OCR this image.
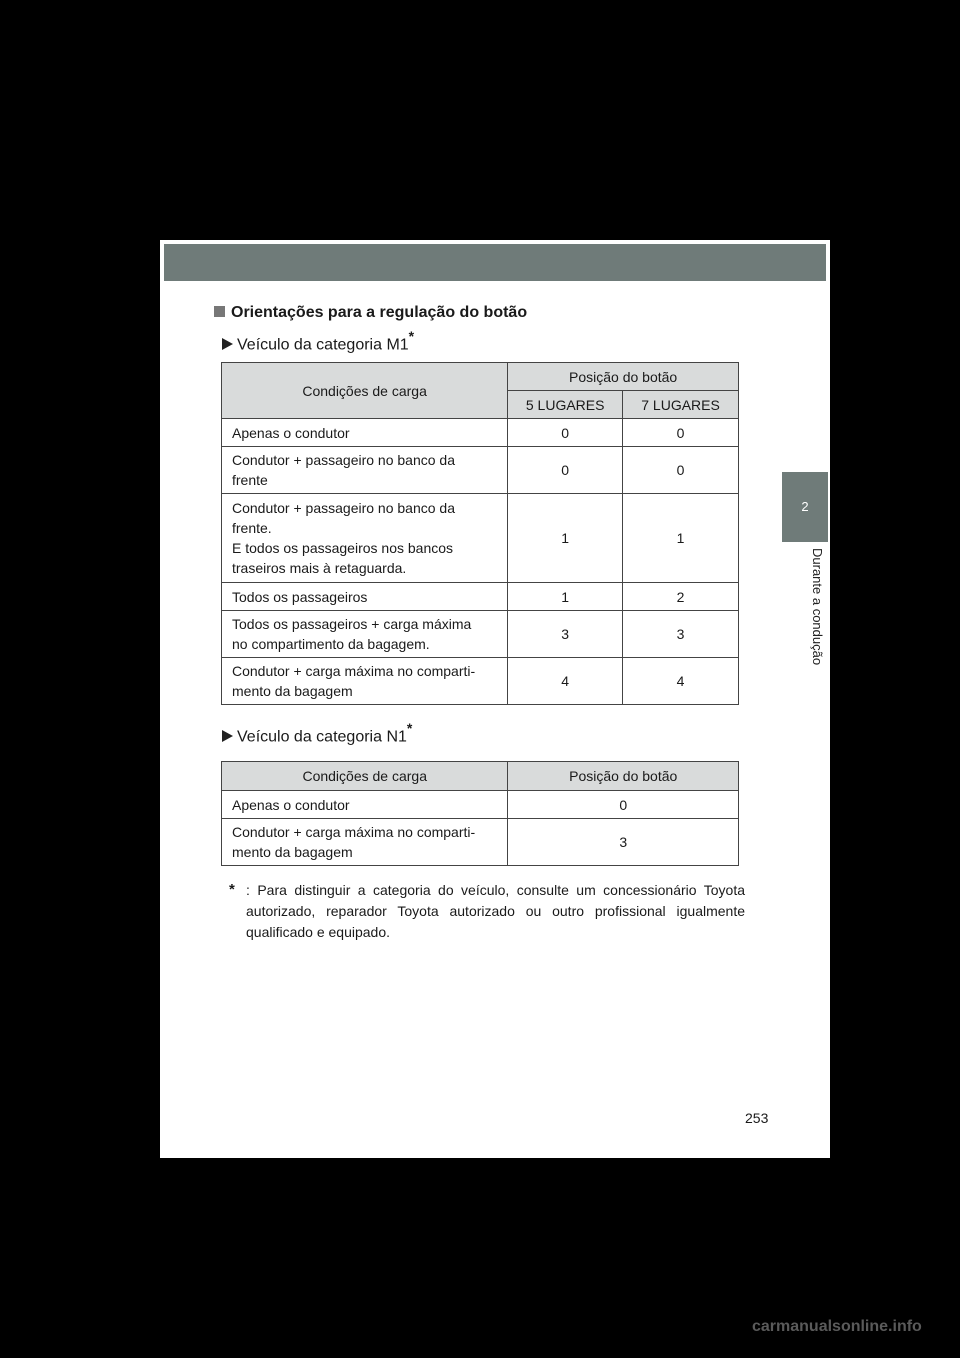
2
Durante a condução
Orientações para a regulação do botão
Veículo da categoria M1*
Condições de carga	Posição do botão	
	5 LUGARES	7 LUGARES
Apenas o condutor	0	0
Condutor + passageiro no banco da
frente	0	0
Condutor + passageiro no banco da
frente.
E todos os passageiros nos bancos
traseiros mais à retaguarda.	1	1
Todos os passageiros	1	2
Todos os passageiros + carga máxima
no compartimento da bagagem.	3	3
Condutor + carga máxima no comparti-
mento da bagagem	4	4
Veículo da categoria N1*
Condições de carga	Posição do botão
Apenas o condutor	0
Condutor + carga máxima no comparti-
mento da bagagem	3
* : Para distinguir a categoria do veículo, consulte um concessionário Toyota autorizado, reparador Toyota autorizado ou outro profissional igualmente qualificado e equipado.
253
carmanualsonline.info
